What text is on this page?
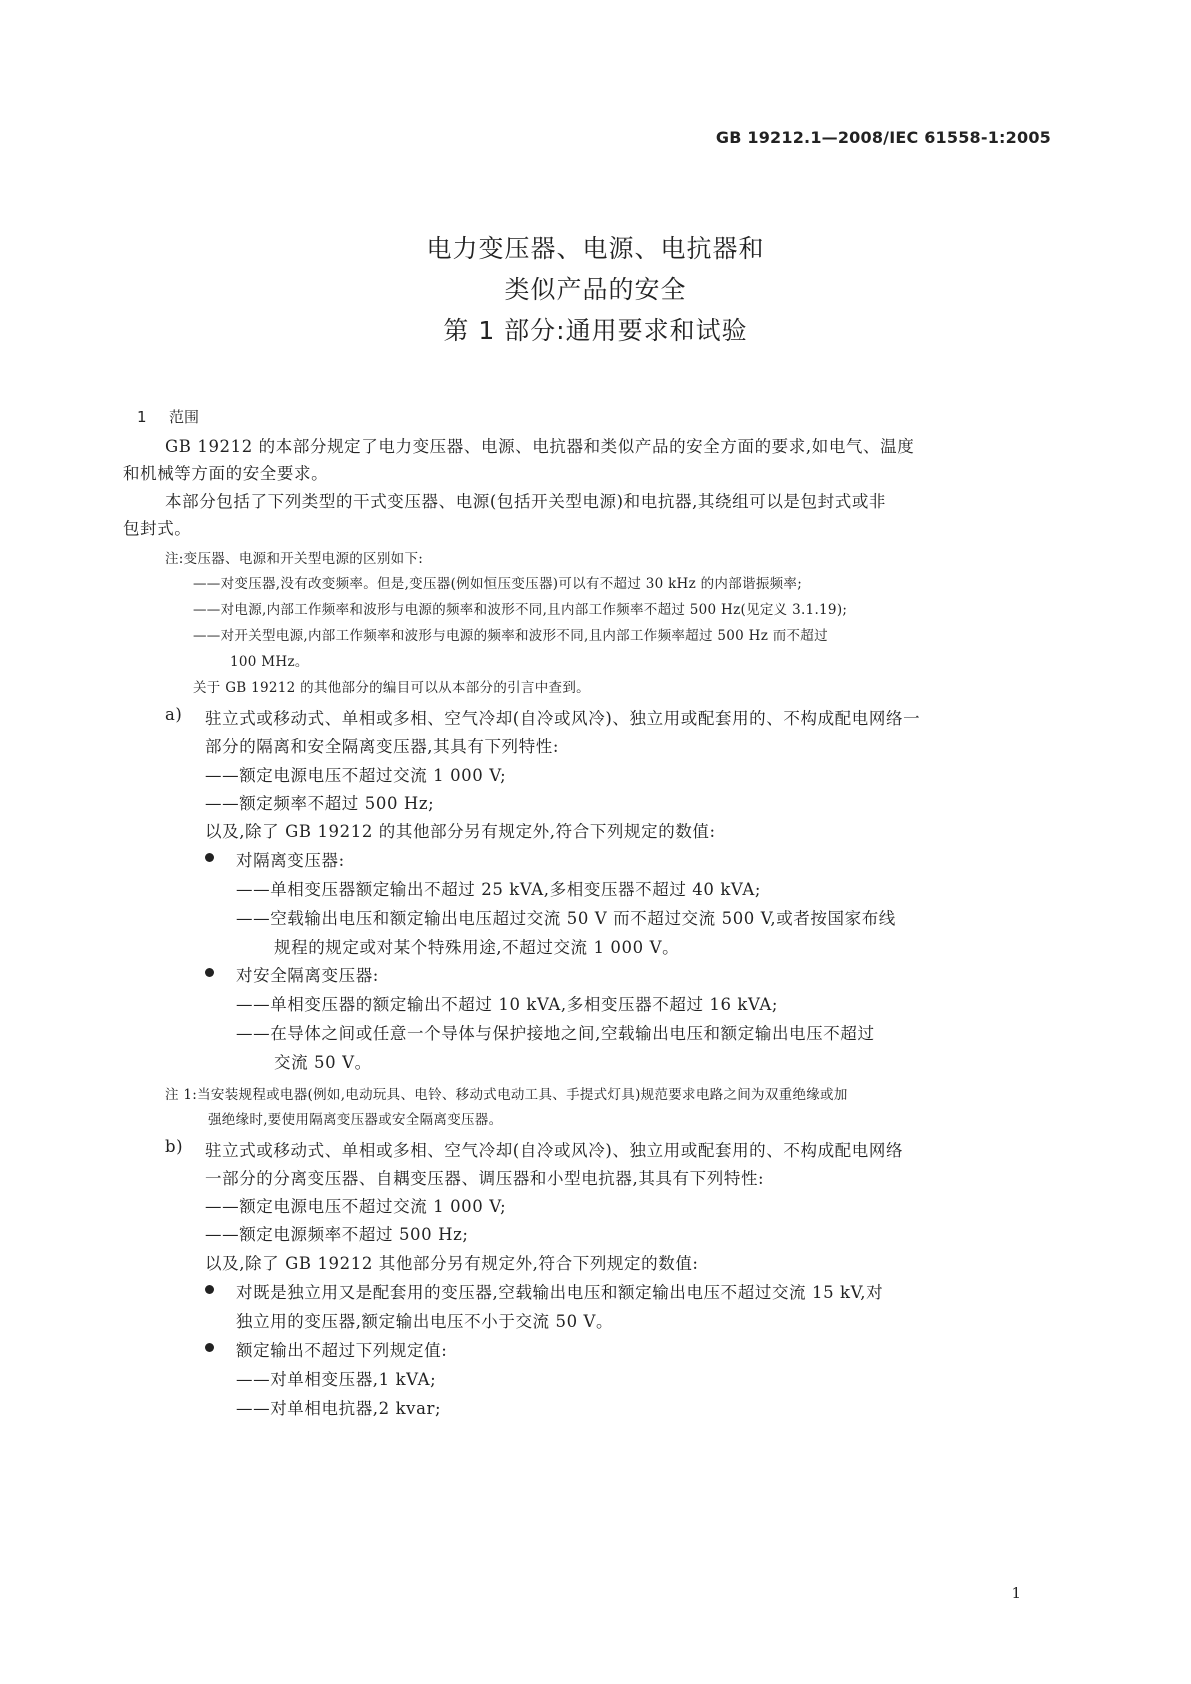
GB 19212.1—2008/IEC 61558-1:2005
电力变压器、电源、电抗器和
类似产品的安全
第 1 部分:通用要求和试验
1 范围
GB 19212 的本部分规定了电力变压器、电源、电抗器和类似产品的安全方面的要求,如电气、温度
和机械等方面的安全要求。
本部分包括了下列类型的干式变压器、电源(包括开关型电源)和电抗器,其绕组可以是包封式或非
包封式。
注:变压器、电源和开关型电源的区别如下:
——对变压器,没有改变频率。但是,变压器(例如恒压变压器)可以有不超过 30 kHz 的内部谐振频率;
——对电源,内部工作频率和波形与电源的频率和波形不同,且内部工作频率不超过 500 Hz(见定义 3.1.19);
——对开关型电源,内部工作频率和波形与电源的频率和波形不同,且内部工作频率超过 500 Hz 而不超过
100 MHz。
关于 GB 19212 的其他部分的编目可以从本部分的引言中查到。
a) 驻立式或移动式、单相或多相、空气冷却(自冷或风冷)、独立用或配套用的、不构成配电网络一
部分的隔离和安全隔离变压器,其具有下列特性:
——额定电源电压不超过交流 1 000 V;
——额定频率不超过 500 Hz;
以及,除了 GB 19212 的其他部分另有规定外,符合下列规定的数值:
对隔离变压器:
——单相变压器额定输出不超过 25 kVA,多相变压器不超过 40 kVA;
——空载输出电压和额定输出电压超过交流 50 V 而不超过交流 500 V,或者按国家布线
规程的规定或对某个特殊用途,不超过交流 1 000 V。
对安全隔离变压器:
——单相变压器的额定输出不超过 10 kVA,多相变压器不超过 16 kVA;
——在导体之间或任意一个导体与保护接地之间,空载输出电压和额定输出电压不超过
交流 50 V。
注 1:当安装规程或电器(例如,电动玩具、电铃、移动式电动工具、手提式灯具)规范要求电路之间为双重绝缘或加
强绝缘时,要使用隔离变压器或安全隔离变压器。
b) 驻立式或移动式、单相或多相、空气冷却(自冷或风冷)、独立用或配套用的、不构成配电网络
一部分的分离变压器、自耦变压器、调压器和小型电抗器,其具有下列特性:
——额定电源电压不超过交流 1 000 V;
——额定电源频率不超过 500 Hz;
以及,除了 GB 19212 其他部分另有规定外,符合下列规定的数值:
对既是独立用又是配套用的变压器,空载输出电压和额定输出电压不超过交流 15 kV,对
独立用的变压器,额定输出电压不小于交流 50 V。
额定输出不超过下列规定值:
——对单相变压器,1 kVA;
——对单相电抗器,2 kvar;
1
